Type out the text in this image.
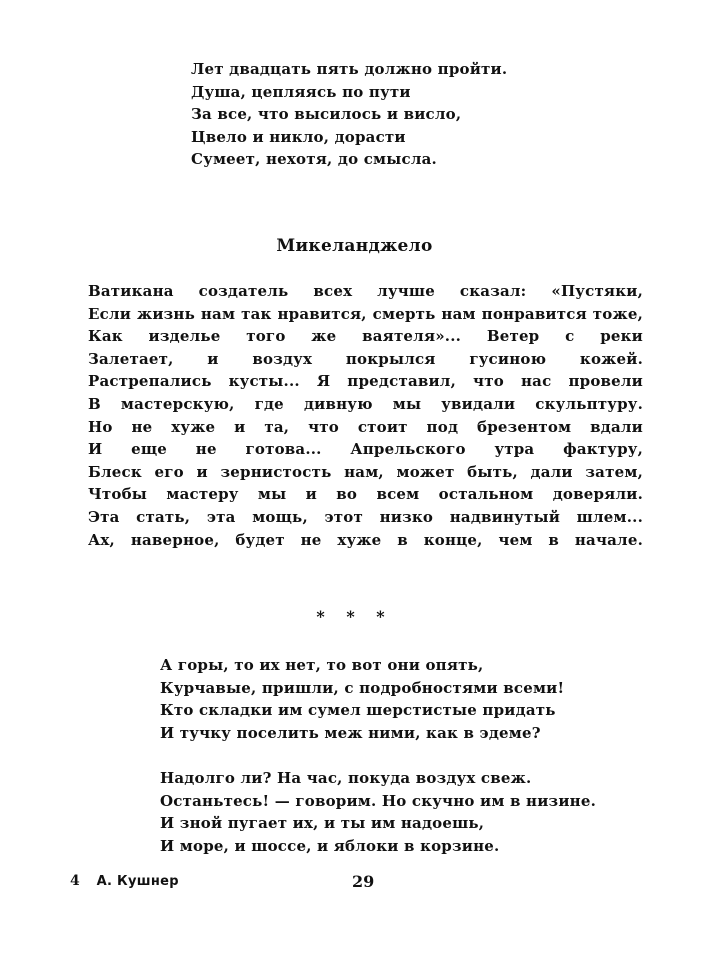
Лет двадцать пять должно пройти.
Душа, цепляясь по пути
За все, что высилось и висло,
Цвело и никло, дорасти
Сумеет, нехотя, до смысла.
Микеланджело
Ватикана создатель всех лучше сказал: «Пустяки,
Если жизнь нам так нравится, смерть нам понравится тоже,
Как изделье того же ваятеля»... Ветер с реки
Залетает, и воздух покрылся гусиною кожей.
Растрепались кусты... Я представил, что нас провели
В мастерскую, где дивную мы увидали скульптуру.
Но не хуже и та, что стоит под брезентом вдали
И еще не готова... Апрельского утра фактуру,
Блеск его и зернистость нам, может быть, дали затем,
Чтобы мастеру мы и во всем остальном доверяли.
Эта стать, эта мощь, этот низко надвинутый шлем...
Ах, наверное, будет не хуже в конце, чем в начале.
* * *
А горы, то их нет, то вот они опять,
Курчавые, пришли, с подробностями всеми!
Кто складки им сумел шерстистые придать
И тучку поселить меж ними, как в эдеме?
Надолго ли? На час, покуда воздух свеж.
Останьтесь! — говорим. Но скучно им в низине.
И зной пугает их, и ты им надоешь,
И море, и шоссе, и яблоки в корзине.
4 А. Кушнер	29
